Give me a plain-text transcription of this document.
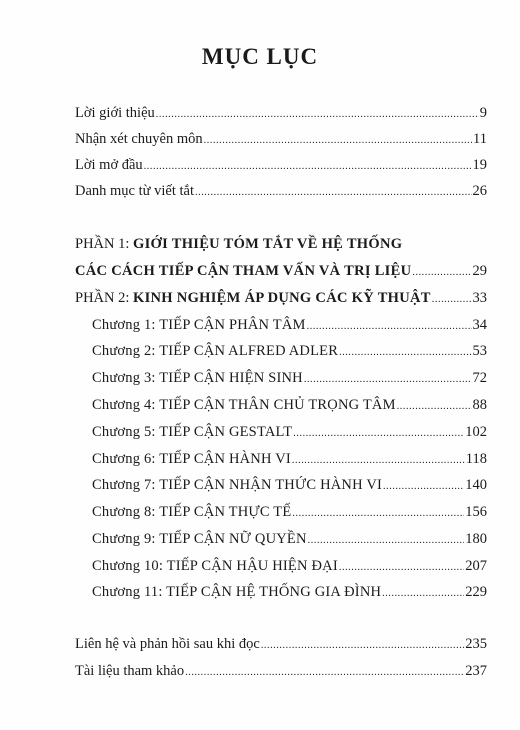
MỤC LỤC
Lời giới thiệu .....	9
Nhận xét chuyên môn .....	11
Lời mở đầu .....	19
Danh mục từ viết tắt .....	26
PHẦN 1: GIỚI THIỆU TÓM TẮT VỀ HỆ THỐNG
CÁC CÁCH TIẾP CẬN THAM VẤN VÀ TRỊ LIỆU .....	29
PHẦN 2: KINH NGHIỆM ÁP DỤNG CÁC KỸ THUẬT .....	33
Chương 1: TIẾP CẬN PHÂN TÂM .....	34
Chương 2: TIẾP CẬN ALFRED ADLER .....	53
Chương 3: TIẾP CẬN HIỆN SINH .....	72
Chương 4: TIẾP CẬN THÂN CHỦ TRỌNG TÂM .....	88
Chương 5: TIẾP CẬN GESTALT .....	102
Chương 6: TIẾP CẬN HÀNH VI .....	118
Chương 7: TIẾP CẬN NHẬN THỨC HÀNH VI .....	140
Chương 8: TIẾP CẬN THỰC TẾ .....	156
Chương 9: TIẾP CẬN NỮ QUYỀN .....	180
Chương 10: TIẾP CẬN HẬU HIỆN ĐẠI .....	207
Chương 11: TIẾP CẬN HỆ THỐNG GIA ĐÌNH .....	229
Liên hệ và phản hồi sau khi đọc .....	235
Tài liệu tham khảo .....	237
